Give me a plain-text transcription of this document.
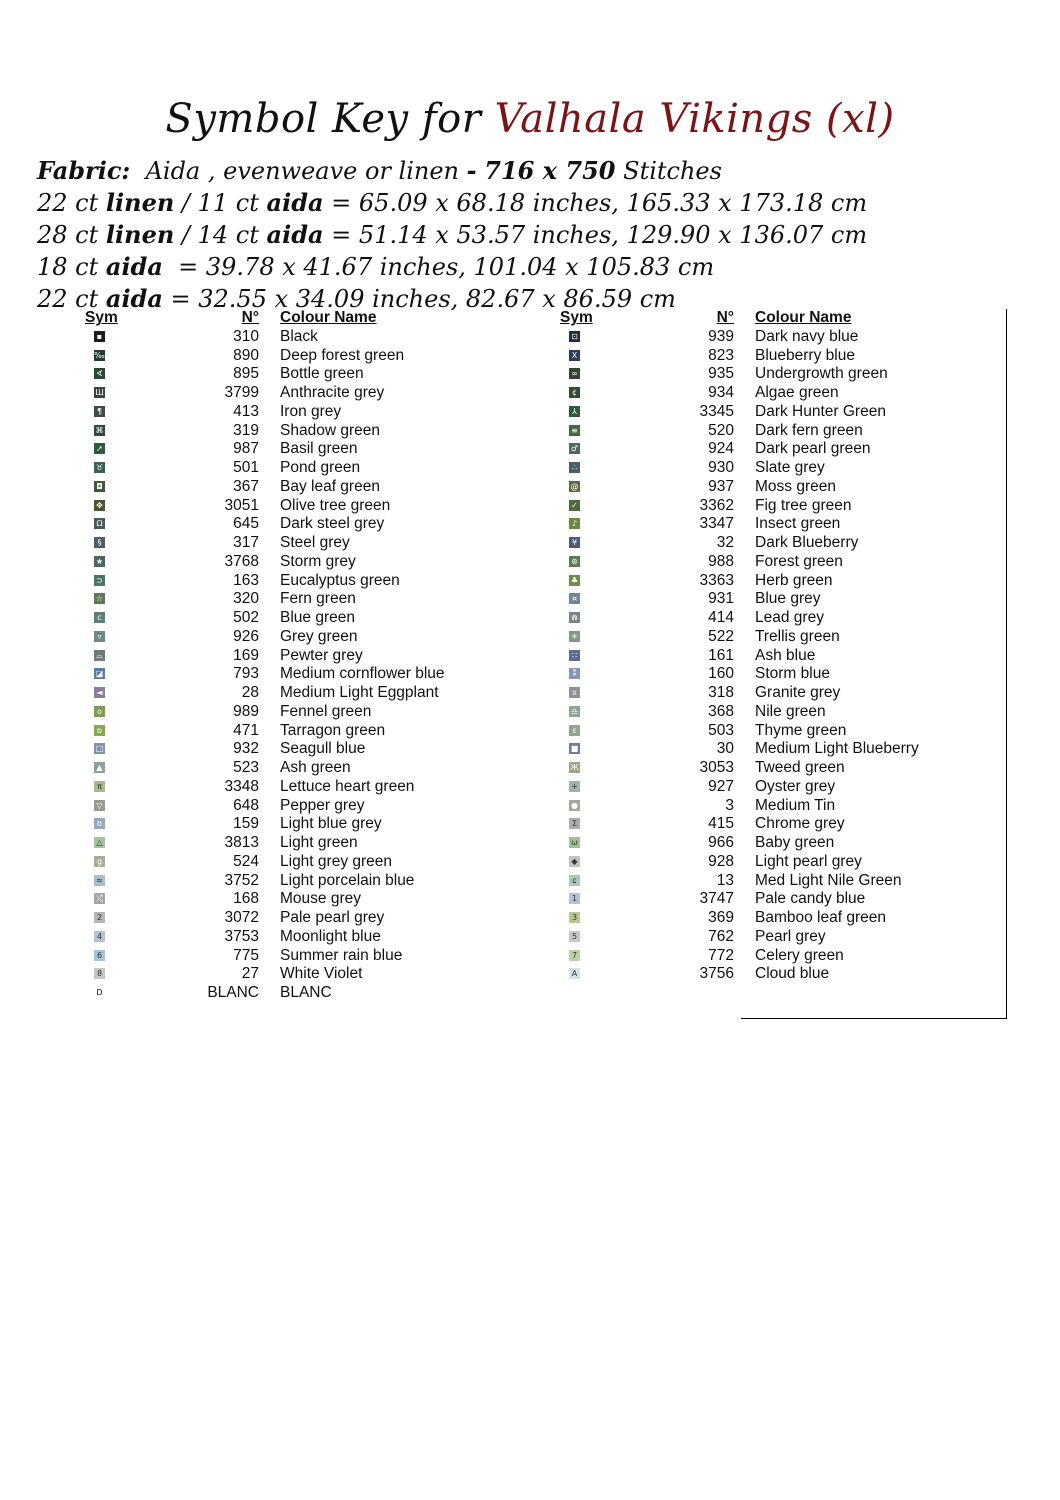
Symbol Key for Valhala Vikings (xl)
Fabric: Aida , evenweave or linen - 716 x 750 Stitches
22 ct linen / 11 ct aida = 65.09 x 68.18 inches, 165.33 x 173.18 cm
28 ct linen / 14 ct aida = 51.14 x 53.57 inches, 129.90 x 136.07 cm
18 ct aida  = 39.78 x 41.67 inches, 101.04 x 105.83 cm
22 ct aida = 32.55 x 34.09 inches, 82.67 x 86.59 cm
Sym	N° Colour Name
▪	310 Black
‰	890 Deep forest green
∢	895 Bottle green
Ш	3799 Anthracite grey
¶	413 Iron grey
⌘	319 Shadow green
➚	987 Basil green
♉	501 Pond green
◘	367 Bay leaf green
✥	3051 Olive tree green
Ω	645 Dark steel grey
§	317 Steel grey
★	3768 Storm grey
⊃	163 Eucalyptus green
☆	320 Fern green
c	502 Blue green
▿	926 Grey green
⌓	169 Pewter grey
◪	793 Medium cornflower blue
◄	28 Medium Light Eggplant
o	989 Fennel green
ʚ	471 Tarragon green
□	932 Seagull blue
▲	523 Ash green
π	3348 Lettuce heart green
▽	648 Pepper grey
ʊ	159 Light blue grey
△	3813 Light green
g	524 Light grey green
≈	3752 Light porcelain blue
⤮	168 Mouse grey
2	3072 Pale pearl grey
4	3753 Moonlight blue
6	775 Summer rain blue
8	27 White Violet
D	BLANC BLANC
Sym	N° Colour Name
⊡	939 Dark navy blue
X	823 Blueberry blue
∞	935 Undergrowth green
¢	934 Algae green
⅄	3345 Dark Hunter Green
≡	520 Dark fern green
♂	924 Dark pearl green
∴	930 Slate grey
@	937 Moss green
✓	3362 Fig tree green
♪	3347 Insect green
¥	32 Dark Blueberry
⊛	988 Forest green
♣	3363 Herb green
¤	931 Blue grey
⋒	414 Lead grey
✳	522 Trellis green
∷	161 Ash blue
⁑	160 Storm blue
x	318 Granite grey
♎	368 Nile green
ε	503 Thyme green
■	30 Medium Light Blueberry
Ж	3053 Tweed green
+	927 Oyster grey
●	3 Medium Tin
Σ	415 Chrome grey
ω	966 Baby green
◆	928 Light pearl grey
ɕ	13 Med Light Nile Green
1	3747 Pale candy blue
3	369 Bamboo leaf green
5	762 Pearl grey
7	772 Celery green
A	3756 Cloud blue
